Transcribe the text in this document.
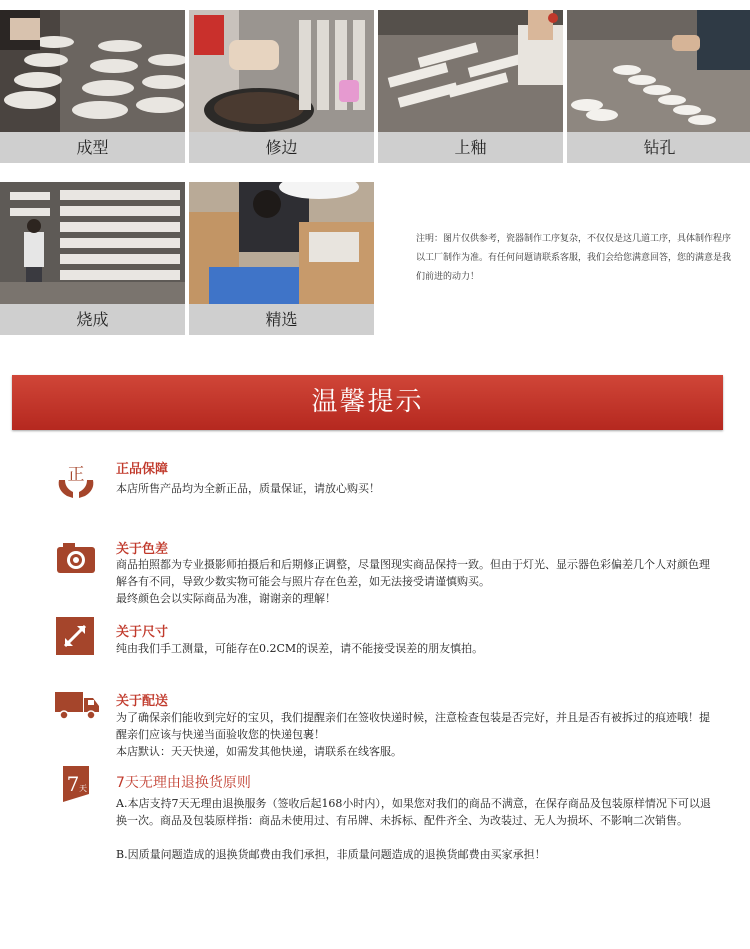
成型	修边	上釉	钻孔
烧成	精选
注明：图片仅供参考，瓷器制作工序复杂，不仅仅是这几道工序，具体制作程序以工厂制作为准。有任何问题请联系客服，我们会给您满意回答，您的满意是我们前进的动力！
温馨提示
正 正品保障

本店所售产品均为全新正品，质量保证，请放心购买！

关于色差

商品拍照都为专业摄影师拍摄后和后期修正调整，尽量图现实商品保持一致。但由于灯光、显示器色彩偏差几个人对颜色理解各有不同，导致少数实物可能会与照片存在色差，如无法接受请谨慎购买。

最终颜色会以实际商品为准，谢谢亲的理解！

关于尺寸

纯由我们手工测量，可能存在0.2CM的误差，请不能接受误差的朋友慎拍。

关于配送

为了确保亲们能收到完好的宝贝，我们提醒亲们在签收快递时候，注意检查包装是否完好，并且是否有被拆过的痕迹哦！提醒亲们应该与快递当面验收您的快递包裹！

本店默认：天天快递，如需发其他快递，请联系在线客服。

7 天 7天无理由退换货原则

A.本店支持7天无理由退换服务（签收后起168小时内），如果您对我们的商品不满意，在保存商品及包装原样情况下可以退换一次。商品及包装原样指：商品未使用过、有吊牌、未拆标、配件齐全、为改装过、无人为损坏、不影响二次销售。

B.因质量问题造成的退换货邮费由我们承担，非质量问题造成的退换货邮费由买家承担！
